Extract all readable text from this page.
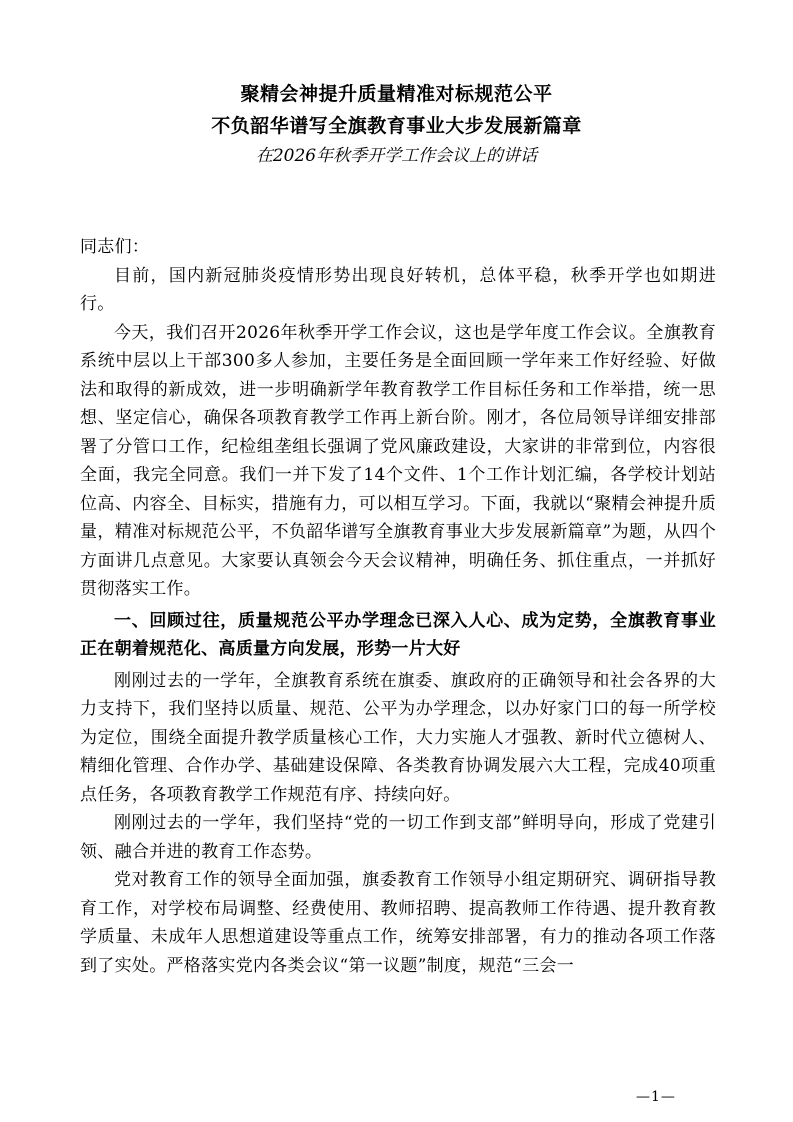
聚精会神提升质量精准对标规范公平
不负韶华谱写全旗教育事业大步发展新篇章
在2026年秋季开学工作会议上的讲话

同志们：

目前，国内新冠肺炎疫情形势出现良好转机，总体平稳，秋季开学也如期进行。

今天，我们召开2026年秋季开学工作会议，这也是学年度工作会议。全旗教育系统中层以上干部300多人参加，主要任务是全面回顾一学年来工作好经验、好做法和取得的新成效，进一步明确新学年教育教学工作目标任务和工作举措，统一思想、坚定信心，确保各项教育教学工作再上新台阶。刚才，各位局领导详细安排部署了分管口工作，纪检组垄组长强调了党风廉政建设，大家讲的非常到位，内容很全面，我完全同意。我们一并下发了14个文件、1个工作计划汇编，各学校计划站位高、内容全、目标实，措施有力，可以相互学习。下面，我就以“聚精会神提升质量，精准对标规范公平，不负韶华谱写全旗教育事业大步发展新篇章”为题，从四个方面讲几点意见。大家要认真领会今天会议精神，明确任务、抓住重点，一并抓好贯彻落实工作。

一、回顾过往，质量规范公平办学理念已深入人心、成为定势，全旗教育事业正在朝着规范化、高质量方向发展，形势一片大好

刚刚过去的一学年，全旗教育系统在旗委、旗政府的正确领导和社会各界的大力支持下，我们坚持以质量、规范、公平为办学理念，以办好家门口的每一所学校为定位，围绕全面提升教学质量核心工作，大力实施人才强教、新时代立德树人、精细化管理、合作办学、基础建设保障、各类教育协调发展六大工程，完成40项重点任务，各项教育教学工作规范有序、持续向好。

刚刚过去的一学年，我们坚持“党的一切工作到支部”鲜明导向，形成了党建引领、融合并进的教育工作态势。

党对教育工作的领导全面加强，旗委教育工作领导小组定期研究、调研指导教育工作，对学校布局调整、经费使用、教师招聘、提高教师工作待遇、提升教育教学质量、未成年人思想道建设等重点工作，统筹安排部署，有力的推动各项工作落到了实处。严格落实党内各类会议“第一议题”制度，规范“三会一

—1—
